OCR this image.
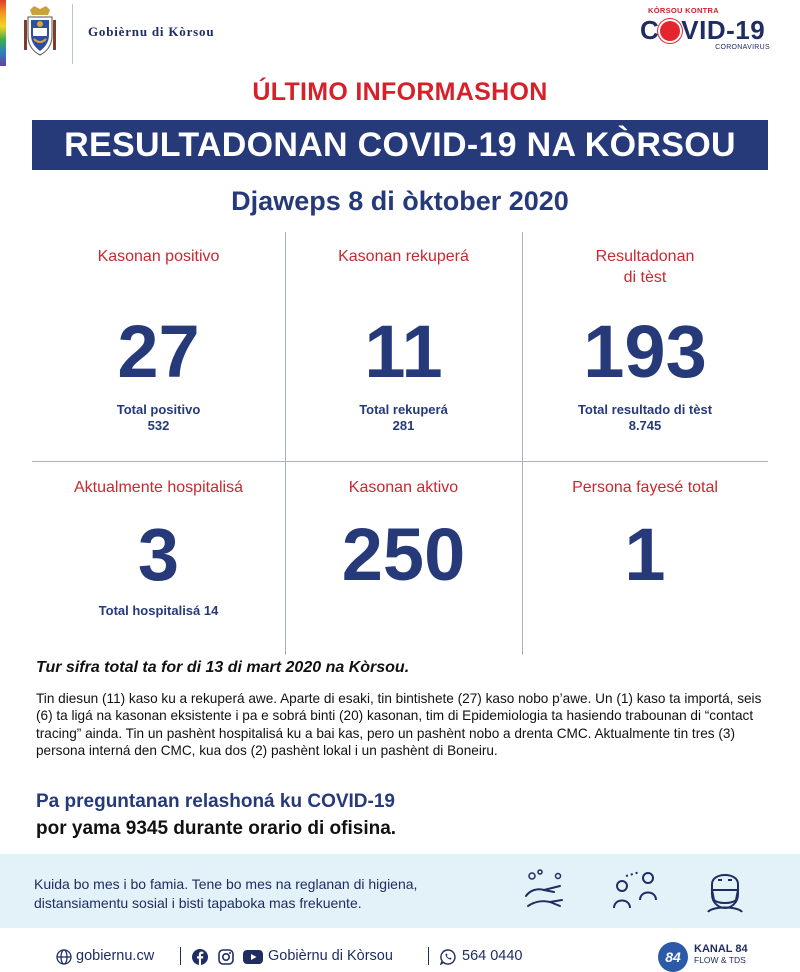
Gobièrnu di Kòrsou
KÒRSOU KONTRA
C VID-19
CORONAVIRUS
ÚLTIMO INFORMASHON
RESULTADONAN COVID-19 NA KÒRSOU
Djaweps 8 di òktober 2020
Kasonan positivo
27
Total positivo
532
Kasonan rekuperá
11
Total rekuperá
281
Resultadonan
di tèst
193
Total resultado di tèst
8.745
Aktualmente hospitalisá
3
Total hospitalisá 14
Kasonan aktivo
250
Persona fayesé total
1
Tur sifra total ta for di 13 di mart 2020 na Kòrsou.
Tin diesun (11) kaso ku a rekuperá awe. Aparte di esaki, tin bintishete (27) kaso nobo p’awe. Un (1) kaso ta importá, seis (6) ta ligá na kasonan eksistente i pa e sobrá binti (20) kasonan, tim di Epidemiologia ta hasiendo trabounan di “contact tracing” ainda. Tin un pashènt hospitalisá ku a bai kas, pero un pashènt nobo a drenta CMC. Aktualmente tin tres (3) persona interná den CMC, kua dos (2) pashènt lokal i un pashènt di Boneiru.
Pa preguntanan relashoná ku COVID-19
por yama 9345 durante orario di ofisina.
Kuida bo mes i bo famia. Tene bo mes na reglanan di higiena,
distansiamentu sosial i bisti tapaboka mas frekuente.
gobiernu.cw	Gobièrnu di Kòrsou	564 0440	84	KANAL 84
FLOW & TDS
